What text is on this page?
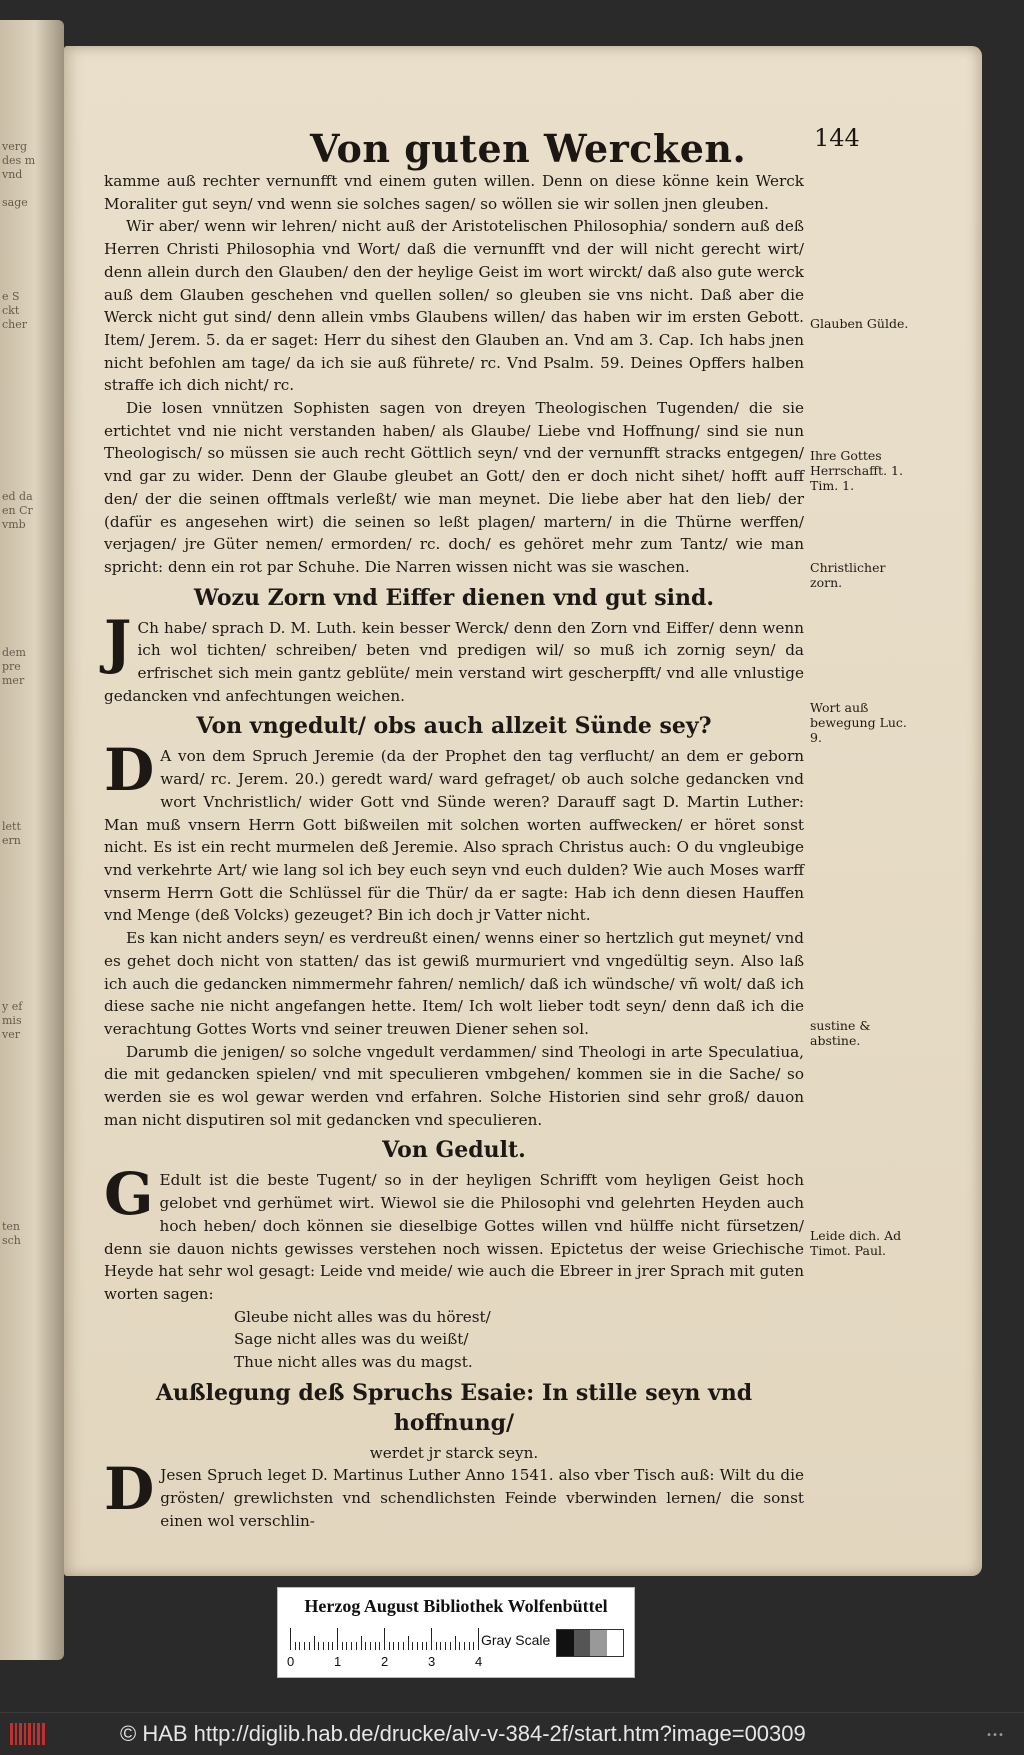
verg
des m
vnd
sage
e S
ckt
cher
ed da
en Cr
vmb
dem
pre
mer
lett
ern
y ef
mis
ver
ten
sch
Von guten Wercken.	144

kamme auß rechter vernunfft vnd einem guten willen. Denn on diese könne kein Werck Moraliter gut seyn/ vnd wenn sie solches sagen/ so wöllen sie wir sollen jnen gleuben.

Wir aber/ wenn wir lehren/ nicht auß der Aristotelischen Philosophia/ sondern auß deß Herren Christi Philosophia vnd Wort/ daß die vernunfft vnd der will nicht gerecht wirt/ denn allein durch den Glauben/ den der heylige Geist im wort wirckt/ daß also gute werck auß dem Glauben geschehen vnd quellen sollen/ so gleuben sie vns nicht. Daß aber die Werck nicht gut sind/ denn allein vmbs Glaubens willen/ das haben wir im ersten Gebott. Item/ Jerem. 5. da er saget: Herr du sihest den Glauben an. Vnd am 3. Cap. Ich habs jnen nicht befohlen am tage/ da ich sie auß führete/ rc. Vnd Psalm. 59. Deines Opffers halben straffe ich dich nicht/ rc.

Die losen vnnützen Sophisten sagen von dreyen Theologischen Tugenden/ die sie ertichtet vnd nie nicht verstanden haben/ als Glaube/ Liebe vnd Hoffnung/ sind sie nun Theologisch/ so müssen sie auch recht Göttlich seyn/ vnd der vernunfft stracks entgegen/ vnd gar zu wider. Denn der Glaube gleubet an Gott/ den er doch nicht sihet/ hofft auff den/ der die seinen offtmals verleßt/ wie man meynet. Die liebe aber hat den lieb/ der (dafür es angesehen wirt) die seinen so leßt plagen/ martern/ in die Thürne werffen/ verjagen/ jre Güter nemen/ ermorden/ rc. doch/ es gehöret mehr zum Tantz/ wie man spricht: denn ein rot par Schuhe. Die Narren wissen nicht was sie waschen.

Wozu Zorn vnd Eiffer dienen vnd gut sind.

JCh habe/ sprach D. M. Luth. kein besser Werck/ denn den Zorn vnd Eiffer/ denn wenn ich wol tichten/ schreiben/ beten vnd predigen wil/ so muß ich zornig seyn/ da erfrischet sich mein gantz geblüte/ mein verstand wirt gescherpfft/ vnd alle vnlustige gedancken vnd anfechtungen weichen.

Von vngedult/ obs auch allzeit Sünde sey?

DA von dem Spruch Jeremie (da der Prophet den tag verflucht/ an dem er geborn ward/ rc. Jerem. 20.) geredt ward/ ward gefraget/ ob auch solche gedancken vnd wort Vnchristlich/ wider Gott vnd Sünde weren? Darauff sagt D. Martin Luther: Man muß vnsern Herrn Gott bißweilen mit solchen worten auffwecken/ er höret sonst nicht. Es ist ein recht murmelen deß Jeremie. Also sprach Christus auch: O du vngleubige vnd verkehrte Art/ wie lang sol ich bey euch seyn vnd euch dulden? Wie auch Moses warff vnserm Herrn Gott die Schlüssel für die Thür/ da er sagte: Hab ich denn diesen Hauffen vnd Menge (deß Volcks) gezeuget? Bin ich doch jr Vatter nicht.

Es kan nicht anders seyn/ es verdreußt einen/ wenns einer so hertzlich gut meynet/ vnd es gehet doch nicht von statten/ das ist gewiß murmuriert vnd vngedültig seyn. Also laß ich auch die gedancken nimmermehr fahren/ nemlich/ daß ich wündsche/ vñ wolt/ daß ich diese sache nie nicht angefangen hette. Item/ Ich wolt lieber todt seyn/ denn daß ich die verachtung Gottes Worts vnd seiner treuwen Diener sehen sol.

Darumb die jenigen/ so solche vngedult verdammen/ sind Theologi in arte Speculatiua, die mit gedancken spielen/ vnd mit speculieren vmbgehen/ kommen sie in die Sache/ so werden sie es wol gewar werden vnd erfahren. Solche Historien sind sehr groß/ dauon man nicht disputiren sol mit gedancken vnd speculieren.

Von Gedult.

GEdult ist die beste Tugent/ so in der heyligen Schrifft vom heyligen Geist hoch gelobet vnd gerhümet wirt. Wiewol sie die Philosophi vnd gelehrten Heyden auch hoch heben/ doch können sie dieselbige Gottes willen vnd hülffe nicht fürsetzen/ denn sie dauon nichts gewisses verstehen noch wissen. Epictetus der weise Griechische Heyde hat sehr wol gesagt: Leide vnd meide/ wie auch die Ebreer in jrer Sprach mit guten worten sagen:

Gleube nicht alles was du hörest/

Sage nicht alles was du weißt/

Thue nicht alles was du magst.

Außlegung deß Spruchs Esaie: In stille seyn vnd hoffnung/

werdet jr starck seyn.

DJesen Spruch leget D. Martinus Luther Anno 1541. also vber Tisch auß: Wilt du die grösten/ grewlichsten vnd schendlichsten Feinde vberwinden lernen/ die sonst einen wol verschlin-

Glauben Gülde.
Ihre Gottes Herrschafft. 1. Tim. 1.
Christlicher zorn.
Wort auß bewegung Luc. 9.
sustine & abstine.
Leide dich. Ad Timot. Paul.
Herzog August Bibliothek Wolfenbüttel
0	1	2	3	4
Gray Scale
© HAB http://diglib.hab.de/drucke/alv-v-384-2f/start.htm?image=00309	•••
